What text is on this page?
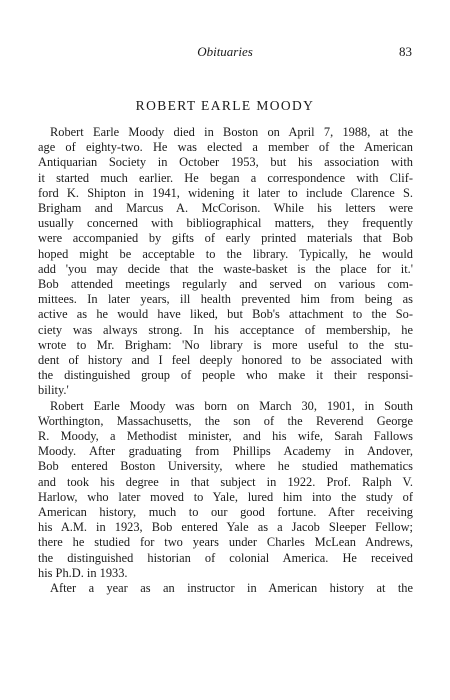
Obituaries	83
ROBERT EARLE MOODY
Robert Earle Moody died in Boston on April 7, 1988, at the
age of eighty-two. He was elected a member of the American
Antiquarian Society in October 1953, but his association with
it started much earlier. He began a correspondence with Clif-
ford K. Shipton in 1941, widening it later to include Clarence S.
Brigham and Marcus A. McCorison. While his letters were
usually concerned with bibliographical matters, they frequently
were accompanied by gifts of early printed materials that Bob
hoped might be acceptable to the library. Typically, he would
add 'you may decide that the waste-basket is the place for it.'
Bob attended meetings regularly and served on various com-
mittees. In later years, ill health prevented him from being as
active as he would have liked, but Bob's attachment to the So-
ciety was always strong. In his acceptance of membership, he
wrote to Mr. Brigham: 'No library is more useful to the stu-
dent of history and I feel deeply honored to be associated with
the distinguished group of people who make it their responsi-
bility.'
Robert Earle Moody was born on March 30, 1901, in South
Worthington, Massachusetts, the son of the Reverend George
R. Moody, a Methodist minister, and his wife, Sarah Fallows
Moody. After graduating from Phillips Academy in Andover,
Bob entered Boston University, where he studied mathematics
and took his degree in that subject in 1922. Prof. Ralph V.
Harlow, who later moved to Yale, lured him into the study of
American history, much to our good fortune. After receiving
his A.M. in 1923, Bob entered Yale as a Jacob Sleeper Fellow;
there he studied for two years under Charles McLean Andrews,
the distinguished historian of colonial America. He received
his Ph.D. in 1933.
After a year as an instructor in American history at the
